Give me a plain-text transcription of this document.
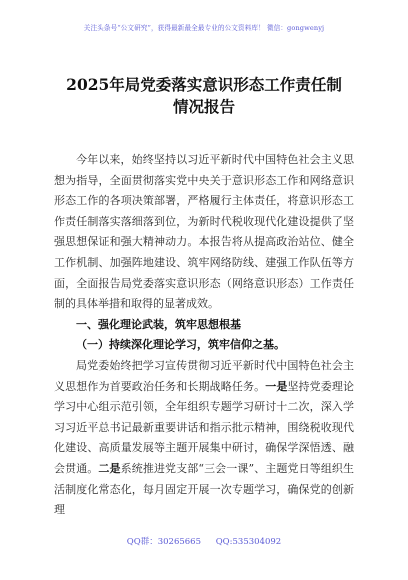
关注头条号“公文研究”，获得最新最全最专业的公文资料库！ 微信：gongwenyj
2025年局党委落实意识形态工作责任制
情况报告

今年以来，始终坚持以习近平新时代中国特色社会主义思想为指导，全面贯彻落实党中央关于意识形态工作和网络意识形态工作的各项决策部署，严格履行主体责任，将意识形态工作责任制落实落细落到位，为新时代税收现代化建设提供了坚强思想保证和强大精神动力。本报告将从提高政治站位、健全工作机制、加强阵地建设、筑牢网络防线、建强工作队伍等方面，全面报告局党委落实意识形态（网络意识形态）工作责任制的具体举措和取得的显著成效。

一、强化理论武装，筑牢思想根基
（一）持续深化理论学习，筑牢信仰之基。

局党委始终把学习宣传贯彻习近平新时代中国特色社会主义思想作为首要政治任务和长期战略任务。一是坚持党委理论学习中心组示范引领，全年组织专题学习研讨十二次，深入学习习近平总书记最新重要讲话和指示批示精神，围绕税收现代化建设、高质量发展等主题开展集中研讨，确保学深悟透、融会贯通。二是系统推进党支部“三会一课”、主题党日等组织生活制度化常态化，每月固定开展一次专题学习，确保党的创新理

QQ群：30265665 QQ:535304092
